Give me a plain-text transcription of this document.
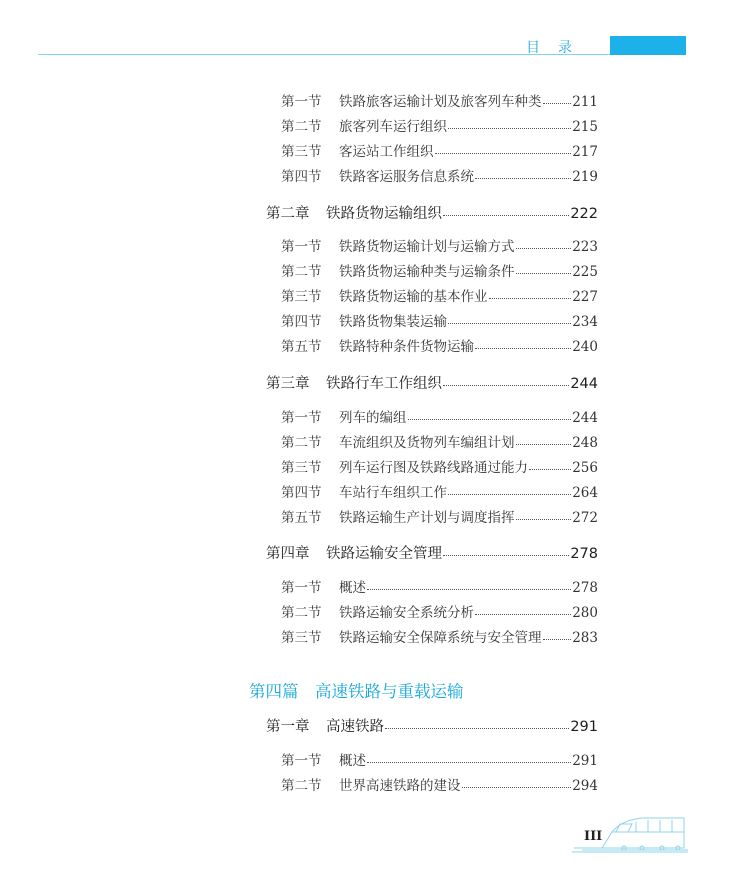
目录
第一节	铁路旅客运输计划及旅客列车种类 211
第二节	旅客列车运行组织	215
第三节	客运站工作组织	217
第四节	铁路客运服务信息系统	219
第二章	铁路货物运输组织	222
第一节	铁路货物运输计划与运输方式	223
第二节	铁路货物运输种类与运输条件	225
第三节	铁路货物运输的基本作业	227
第四节	铁路货物集装运输	234
第五节	铁路特种条件货物运输	240
第三章	铁路行车工作组织	244
第一节	列车的编组	244
第二节	车流组织及货物列车编组计划	248
第三节	列车运行图及铁路线路通过能力	256
第四节	车站行车组织工作	264
第五节	铁路运输生产计划与调度指挥	272
第四章	铁路运输安全管理	278
第一节	概述	278
第二节	铁路运输安全系统分析	280
第三节	铁路运输安全保障系统与安全管理 283
第一章	高速铁路	291
第一节	概述	291
第二节	世界高速铁路的建设	294
第四篇 高速铁路与重载运输
III
